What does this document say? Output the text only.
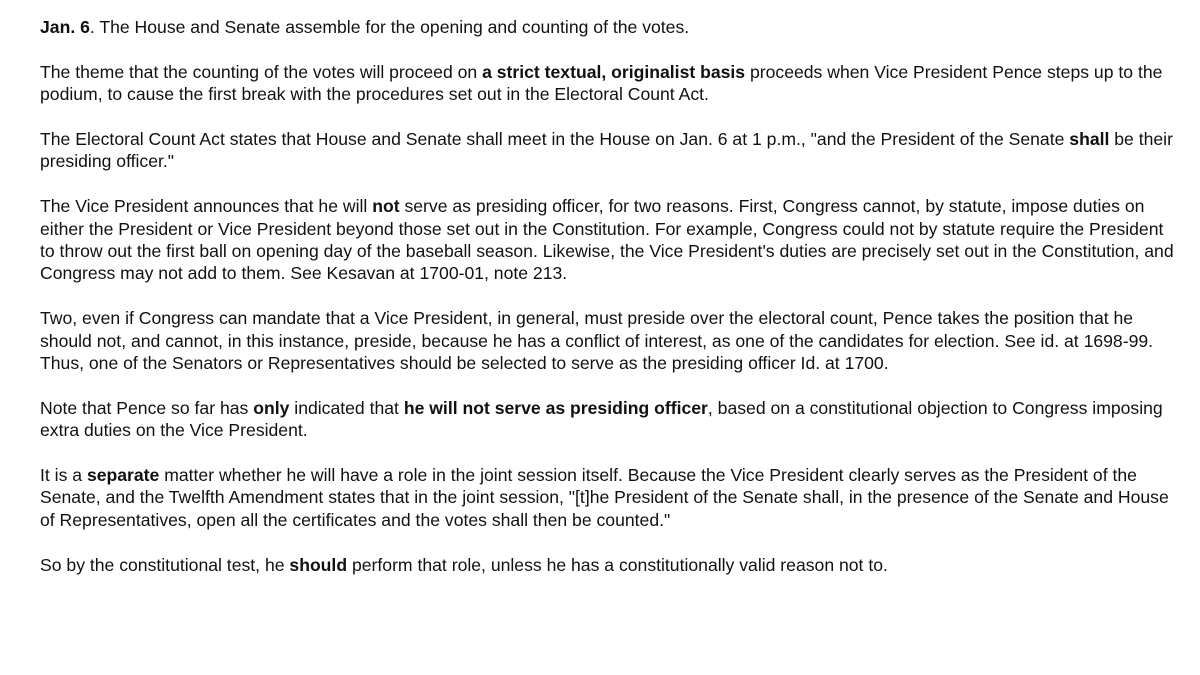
Jan. 6. The House and Senate assemble for the opening and counting of the votes.

The theme that the counting of the votes will proceed on a strict textual, originalist basis proceeds when Vice President Pence steps up to the podium, to cause the first break with the procedures set out in the Electoral Count Act.

The Electoral Count Act states that House and Senate shall meet in the House on Jan. 6 at 1 p.m., "and the President of the Senate shall be their presiding officer."

The Vice President announces that he will not serve as presiding officer, for two reasons. First, Congress cannot, by statute, impose duties on either the President or Vice President beyond those set out in the Constitution. For example, Congress could not by statute require the President to throw out the first ball on opening day of the baseball season. Likewise, the Vice President's duties are precisely set out in the Constitution, and Congress may not add to them. See Kesavan at 1700-01, note 213.

Two, even if Congress can mandate that a Vice President, in general, must preside over the electoral count, Pence takes the position that he should not, and cannot, in this instance, preside, because he has a conflict of interest, as one of the candidates for election. See id. at 1698-99. Thus, one of the Senators or Representatives should be selected to serve as the presiding officer Id. at 1700.

Note that Pence so far has only indicated that he will not serve as presiding officer, based on a constitutional objection to Congress imposing extra duties on the Vice President.

It is a separate matter whether he will have a role in the joint session itself. Because the Vice President clearly serves as the President of the Senate, and the Twelfth Amendment states that in the joint session, "[t]he President of the Senate shall, in the presence of the Senate and House of Representatives, open all the certificates and the votes shall then be counted."

So by the constitutional test, he should perform that role, unless he has a constitutionally valid reason not to.
